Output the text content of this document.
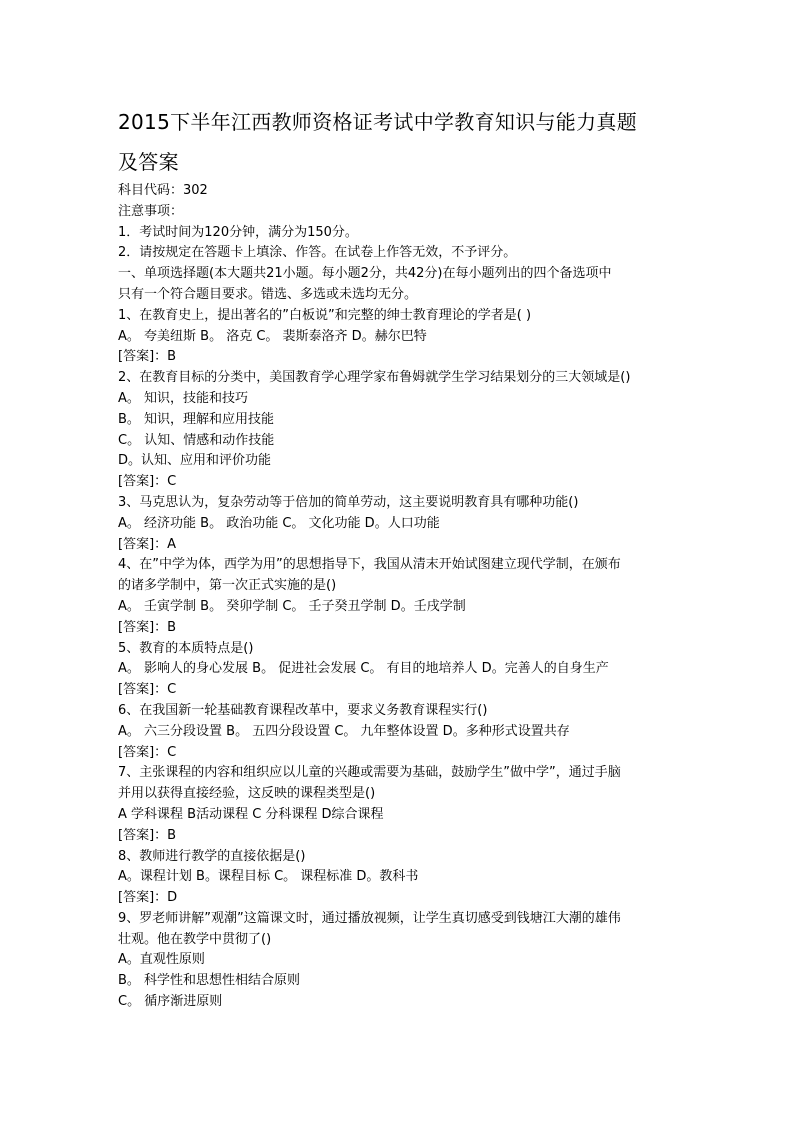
2015下半年江西教师资格证考试中学教育知识与能力真题
及答案
科目代码：302
注意事项：
1．考试时间为120分钟，满分为150分。
2．请按规定在答题卡上填涂、作答。在试卷上作答无效，不予评分。
一、单项选择题(本大题共21小题。每小题2分，共42分)在每小题列出的四个备选项中
只有一个符合题目要求。错选、多选或未选均无分。
1、在教育史上，提出著名的”白板说”和完整的绅士教育理论的学者是( )
A。 夸美纽斯 B。 洛克 C。 裴斯泰洛齐 D。赫尔巴特
[答案]：B
2、在教育目标的分类中，美国教育学心理学家布鲁姆就学生学习结果划分的三大领域是()
A。 知识，技能和技巧
B。 知识，理解和应用技能
C。 认知、情感和动作技能
D。认知、应用和评价功能
[答案]：C
3、马克思认为，复杂劳动等于倍加的简单劳动，这主要说明教育具有哪种功能()
A。 经济功能 B。 政治功能 C。 文化功能 D。人口功能
[答案]：A
4、在”中学为体，西学为用”的思想指导下，我国从清末开始试图建立现代学制，在颁布
的诸多学制中，第一次正式实施的是()
A。 壬寅学制 B。 癸卯学制 C。 壬子癸丑学制 D。壬戌学制
[答案]：B
5、教育的本质特点是()
A。 影响人的身心发展 B。 促进社会发展 C。 有目的地培养人 D。完善人的自身生产
[答案]：C
6、在我国新一轮基础教育课程改革中，要求义务教育课程实行()
A。 六三分段设置 B。 五四分段设置 C。 九年整体设置 D。多种形式设置共存
[答案]：C
7、主张课程的内容和组织应以儿童的兴趣或需要为基础，鼓励学生”做中学”，通过手脑
并用以获得直接经验，这反映的课程类型是()
A 学科课程 B活动课程 C 分科课程 D综合课程
[答案]：B
8、教师进行教学的直接依据是()
A。课程计划 B。课程目标 C。 课程标准 D。教科书
[答案]：D
9、罗老师讲解”观潮”这篇课文时，通过播放视频，让学生真切感受到钱塘江大潮的雄伟
壮观。他在教学中贯彻了()
A。直观性原则
B。 科学性和思想性相结合原则
C。 循序渐进原则
